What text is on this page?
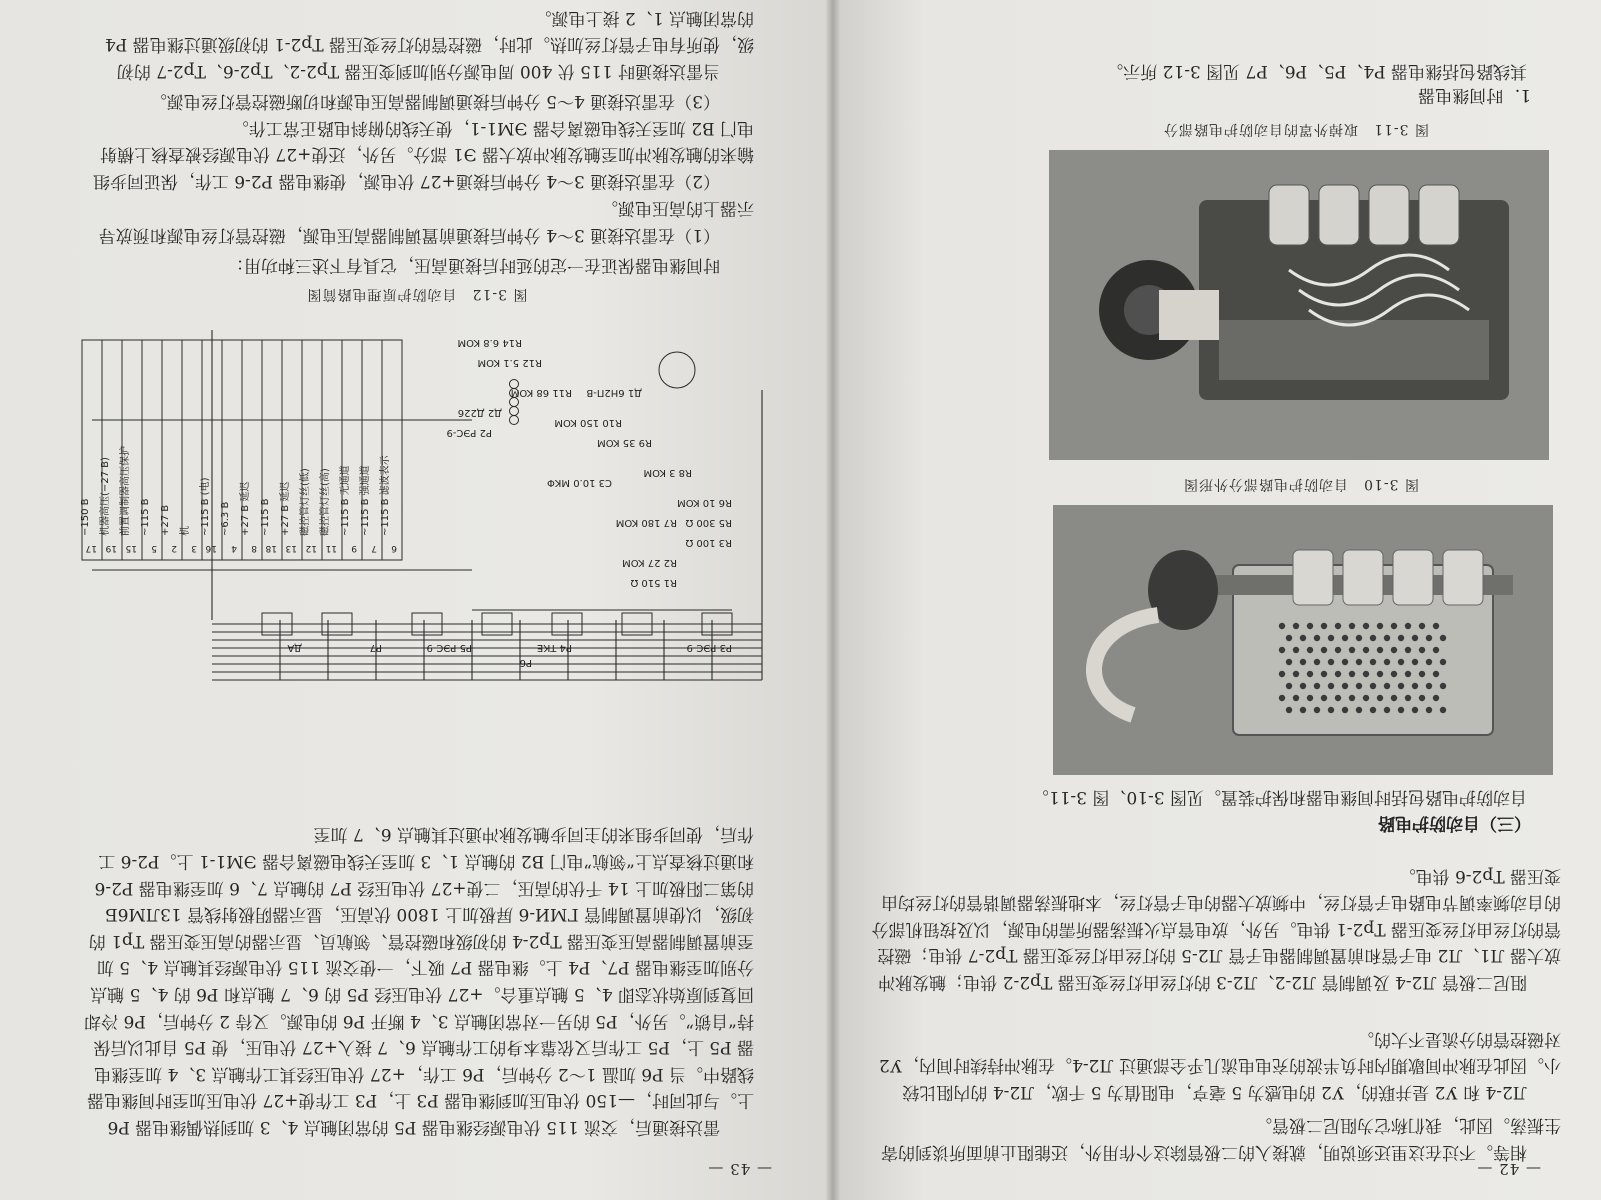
— 43 —
R1 510 Ω
R2 27 KOM
R3 100 Ω
R5 300 Ω
R6 10 KOM
R7 180 KOM
R8 3 KOM
R9 35 KOM
R10 150 KOM
R11 68 KOM
R12 5.1 KOM
R14 6.8 KOM
C3 10.0 MKΦ
Д1 6Н2П-В
Д2 Д226
P2 РЭС-9
P3 РЭС-9
P4 ТКЕ
P5 РЭС-9
P6
P7
ДА
6
~115 B 滤波表示
7
~115 B 强通道
9
~115 B 无通道
11
磁控管灯丝(高)
12
磁控管灯丝(低)
13
+27 B 延迟
18
~115 B
8
+27 B 延迟
4
~6.3 B
16
~115 B (电)
3
机
2
+27 B
5
~115 B
15
前置调制器高压保护
19
机器高压(−27 B)
17
−150 B
图 3-12　自动防护原理电路简图

时间继电器保证在一定的延时后接通高压，它具有下述三种功用：

（1）在雷达接通 3～4 分钟后接通前置调制器高压电源，磁控管灯丝电源和预放导示器上的高压电源。

（2）在雷达接通 3～4 分钟后接通+27 伏电源，使继电器 P2-6 工作，保证同步组输来的触发脉冲加至触发脉冲放大器 Э1 部分。另外，还使+27 伏电源经被查核上横射电门 B2 加至天线电磁离合器 ЭМ1-1，使天线的俯斜电路正常工作。

（3）在雷达接通 4～5 分钟后接通调制器高压电源和切断磁控管灯丝电源。

当雷达接通时 115 伏 400 周电源分别加到变压器 Tp2-2、Tp2-6、Tp2-7 的初级，使所有电子管灯丝加热。此时，磁控管的灯丝变压器 Tp2-1 的初级通过继电器 P4 的常闭触点 1、2 接上电源。

雷达接通后，交流 115 伏电源经继电器 P5 的常闭触点 4、3 加到热偶继电器 P6 上。与此同时，—150 伏电压加到继电器 P3 上，P3 工作使+27 伏电压加至时间继电器线路中。当 P6 加温 1～2 分钟后，P6 工作，+27 伏电压经其工作触点 3、4 加至继电器 P5 上，P5 工作后又依靠本身的工作触点 6、7 接入+27 伏电压，使 P5 自此以后保持“自锁”。另外，P5 的另一对常闭触点 3、4 断开 P6 的电源。又待 2 分钟后，P6 冷却回复到原始状态即 4、5 触点重合。+27 伏电压经 P5 的 6、7 触点和 P6 的 4、5 触点分别加至继电器 P7、P4 上。继电器 P7 吸下，一使交流 115 伏电源经其触点 4、5 加至前置调制器高压变压器 Tp2-4 的初级和磁控管、领航员、显示器的高压变压器 Tp1 的初级，以使前置调制管 ГМИ-6 屏极加上 1800 伏高压，显示器阴极射线管 13ЛМ6Б 的第二阳极加上 14 千伏的高压，二使+27 伏电压经 P7 的触点 7、6 加至继电器 P2-6 和通过核查点上“领航”电门 B2 的触点 1、3 加至天线电磁离合器 ЭМ1-1 上。P2-6 工作后，使同步组来的主同步触发脉冲通过其触点 6、7 加至

— 42 —

相等。不过在这里还须说明，就接入的二极管除这个作用外，还能阻止前面所谈到的寄生振荡。因此，我们称它为阻尼二极管。

Л2-4 和 У2 是并联的，У2 的电感为 5 毫亨，电阻值为 5 千欧，Л2-4 的内阻比较小。因此在脉冲间歇期内时负半波的充电电流几乎全部通过 Л2-4。在脉冲持续时间内，У2 对磁控管的分流是不大的。

阻尼二极管 Л2-4 及调制管 Л2-2、Л2-3 的灯丝由灯丝变压器 Tp2-2 供电；触发脉冲放大器 Л1、Л2 电子管和前置调制器电子管 Л2-5 的灯丝由灯丝变压器 Tp2-7 供电；磁控管的灯丝由灯丝变压器 Tp2-1 供电。另外，放电管点火振荡器所需的电源，以及按钮机部分的自动频率调节电路电子管灯丝，中频放大器的电子管灯丝，本地振荡器调谐管的灯丝均由变压器 Tp2-6 供电。

（三）自动防护电路

自动防护电路包括时间继电器和保护装置。见图 3-10、图 3-11。

图 3-10　自动防护电路部分外形图
图 3-11　取掉外罩的自动防护电路部分
1．时间继电器

其线路包括继电器 P4、P5、P6、P7 见图 3-12 所示。
